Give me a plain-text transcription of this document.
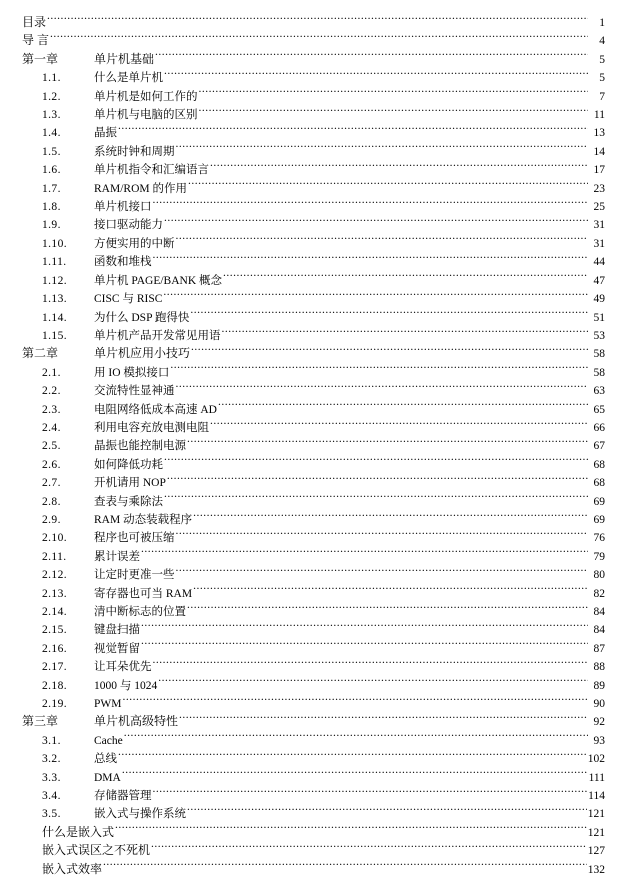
目录 .....	1
导 言 .....	4
第一章	单片机基础 .....	5
1.1.	什么是单片机 .....	5
1.2.	单片机是如何工作的 .....	7
1.3.	单片机与电脑的区别 .....	11
1.4.	晶振 .....	13
1.5.	系统时钟和周期 .....	14
1.6.	单片机指令和汇编语言 .....	17
1.7.	RAM/ROM 的作用 .....	23
1.8.	单片机接口 .....	25
1.9.	接口驱动能力 .....	31
1.10.	方便实用的中断 .....	31
1.11.	函数和堆栈 .....	44
1.12.	单片机 PAGE/BANK 概念 .....	47
1.13.	CISC 与 RISC .....	49
1.14.	为什么 DSP 跑得快 .....	51
1.15.	单片机产品开发常见用语 .....	53
第二章	单片机应用小技巧 .....	58
2.1.	用 IO 模拟接口 .....	58
2.2.	交流特性显神通 .....	63
2.3.	电阻网络低成本高速 AD .....	65
2.4.	利用电容充放电测电阻 .....	66
2.5.	晶振也能控制电源 .....	67
2.6.	如何降低功耗 .....	68
2.7.	开机请用 NOP .....	68
2.8.	查表与乘除法 .....	69
2.9.	RAM 动态装载程序 .....	69
2.10.	程序也可被压缩 .....	76
2.11.	累计误差 .....	79
2.12.	让定时更准一些 .....	80
2.13.	寄存器也可当 RAM .....	82
2.14.	清中断标志的位置 .....	84
2.15.	键盘扫描 .....	84
2.16.	视觉暂留 .....	87
2.17.	让耳朵优先 .....	88
2.18.	1000 与 1024 .....	89
2.19.	PWM .....	90
第三章	单片机高级特性 .....	92
3.1.	Cache .....	93
3.2.	总线 .....	102
3.3.	DMA .....	111
3.4.	存储器管理 .....	114
3.5.	嵌入式与操作系统 .....	121
什么是嵌入式 .....	121
嵌入式误区之不死机 .....	127
嵌入式效率 .....	132
